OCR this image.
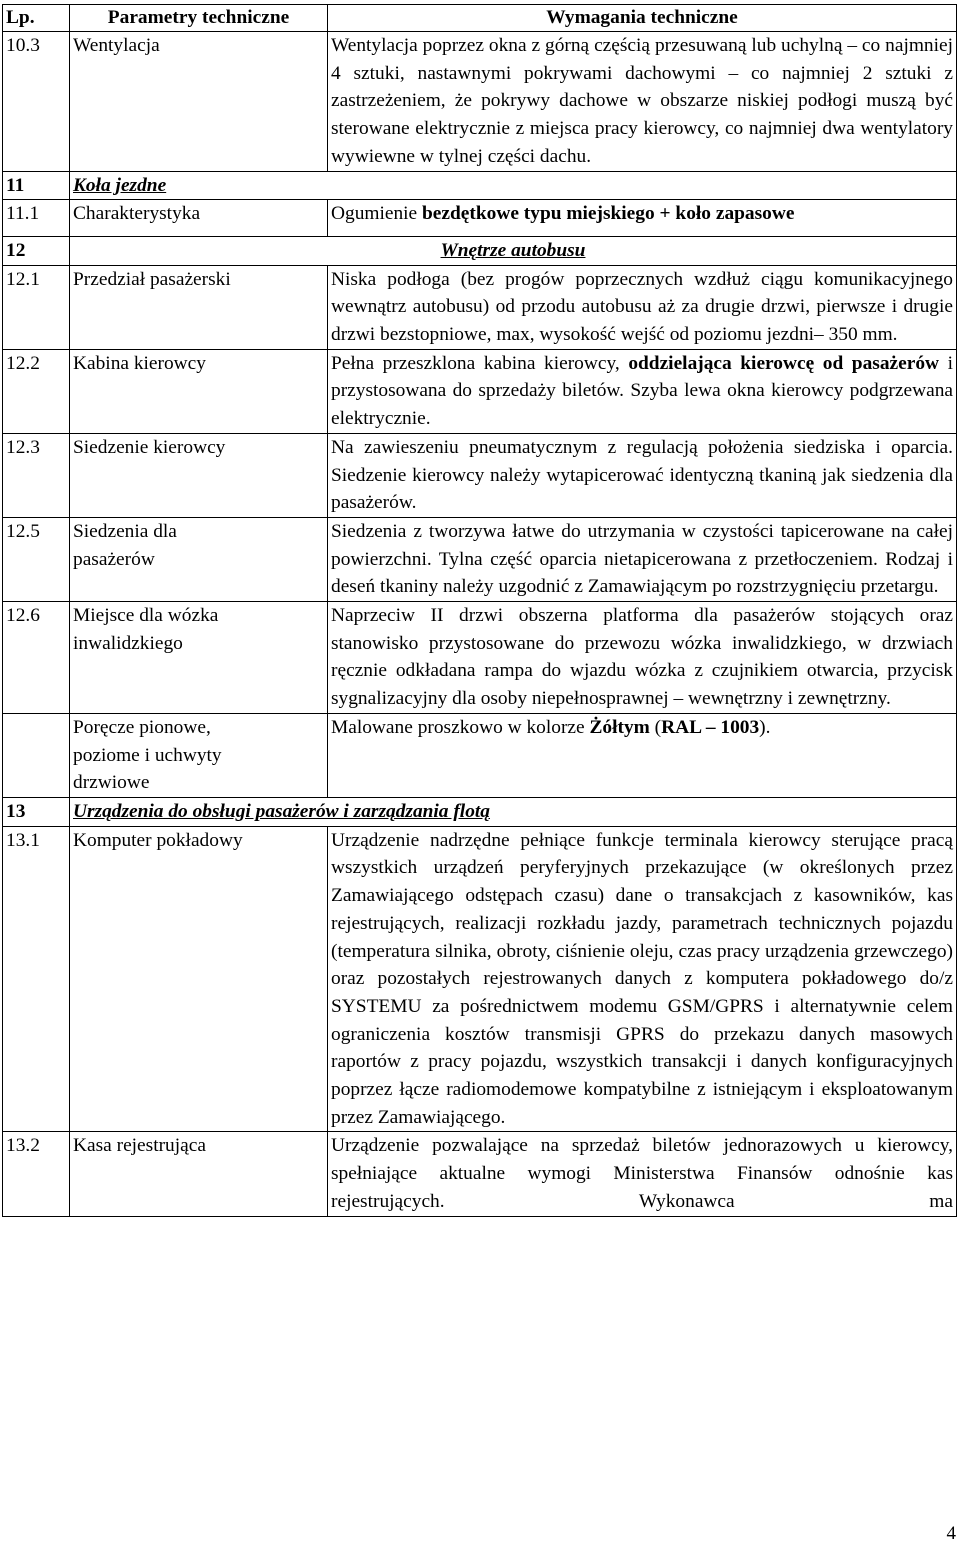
Lp.	Parametry techniczne	Wymagania techniczne
10.3	Wentylacja	Wentylacja poprzez okna z górną częścią przesuwaną lub uchylną – co najmniej 4 sztuki, nastawnymi pokrywami dachowymi – co najmniej 2 sztuki z zastrzeżeniem, że pokrywy dachowe w obszarze niskiej podłogi muszą być sterowane elektrycznie z miejsca pracy kierowcy, co najmniej dwa wentylatory wywiewne w tylnej części dachu.
11	Koła jezdne	
11.1	Charakterystyka	Ogumienie bezdętkowe typu miejskiego + koło zapasowe
12	Wnętrze autobusu	
12.1	Przedział pasażerski	Niska podłoga (bez progów poprzecznych wzdłuż ciągu komunikacyjnego wewnątrz autobusu) od przodu autobusu aż za drugie drzwi, pierwsze i drugie drzwi bezstopniowe, max, wysokość wejść od poziomu jezdni– 350 mm.
12.2	Kabina kierowcy	Pełna przeszklona kabina kierowcy, oddzielająca kierowcę od pasażerów i przystosowana do sprzedaży biletów. Szyba lewa okna kierowcy podgrzewana elektrycznie.
12.3	Siedzenie kierowcy	Na zawieszeniu pneumatycznym z regulacją położenia siedziska i oparcia. Siedzenie kierowcy należy wytapicerować identyczną tkaniną jak siedzenia dla pasażerów.
12.5	Siedzenia dla pasażerów	Siedzenia z tworzywa łatwe do utrzymania w czystości tapicerowane na całej powierzchni. Tylna część oparcia nietapicerowana z przetłoczeniem. Rodzaj i deseń tkaniny należy uzgodnić z Zamawiającym po rozstrzygnięciu przetargu.
12.6	Miejsce dla wózka inwalidzkiego	Naprzeciw II drzwi obszerna platforma dla pasażerów stojących oraz stanowisko przystosowane do przewozu wózka inwalidzkiego, w drzwiach ręcznie odkładana rampa do wjazdu wózka z czujnikiem otwarcia, przycisk sygnalizacyjny dla osoby niepełnosprawnej – wewnętrzny i zewnętrzny.
	Poręcze pionowe, poziome i uchwyty drzwiowe	Malowane proszkowo w kolorze Żółtym (RAL – 1003).
13	Urządzenia do obsługi pasażerów i zarządzania flotą	
13.1	Komputer pokładowy	Urządzenie nadrzędne pełniące funkcje terminala kierowcy sterujące pracą wszystkich urządzeń peryferyjnych przekazujące (w określonych przez Zamawiającego odstępach czasu) dane o transakcjach z kasowników, kas rejestrujących, realizacji rozkładu jazdy, parametrach technicznych pojazdu (temperatura silnika, obroty, ciśnienie oleju, czas pracy urządzenia grzewczego) oraz pozostałych rejestrowanych danych z komputera pokładowego do/z SYSTEMU za pośrednictwem modemu GSM/GPRS i alternatywnie celem ograniczenia kosztów transmisji GPRS do przekazu danych masowych raportów z pracy pojazdu, wszystkich transakcji i danych konfiguracyjnych poprzez łącze radiomodemowe kompatybilne z istniejącym i eksploatowanym przez Zamawiającego.
13.2	Kasa rejestrująca	Urządzenie pozwalające na sprzedaż biletów jednorazowych u kierowcy, spełniające aktualne wymogi Ministerstwa Finansów odnośnie kas rejestrujących. Wykonawca ma
4
